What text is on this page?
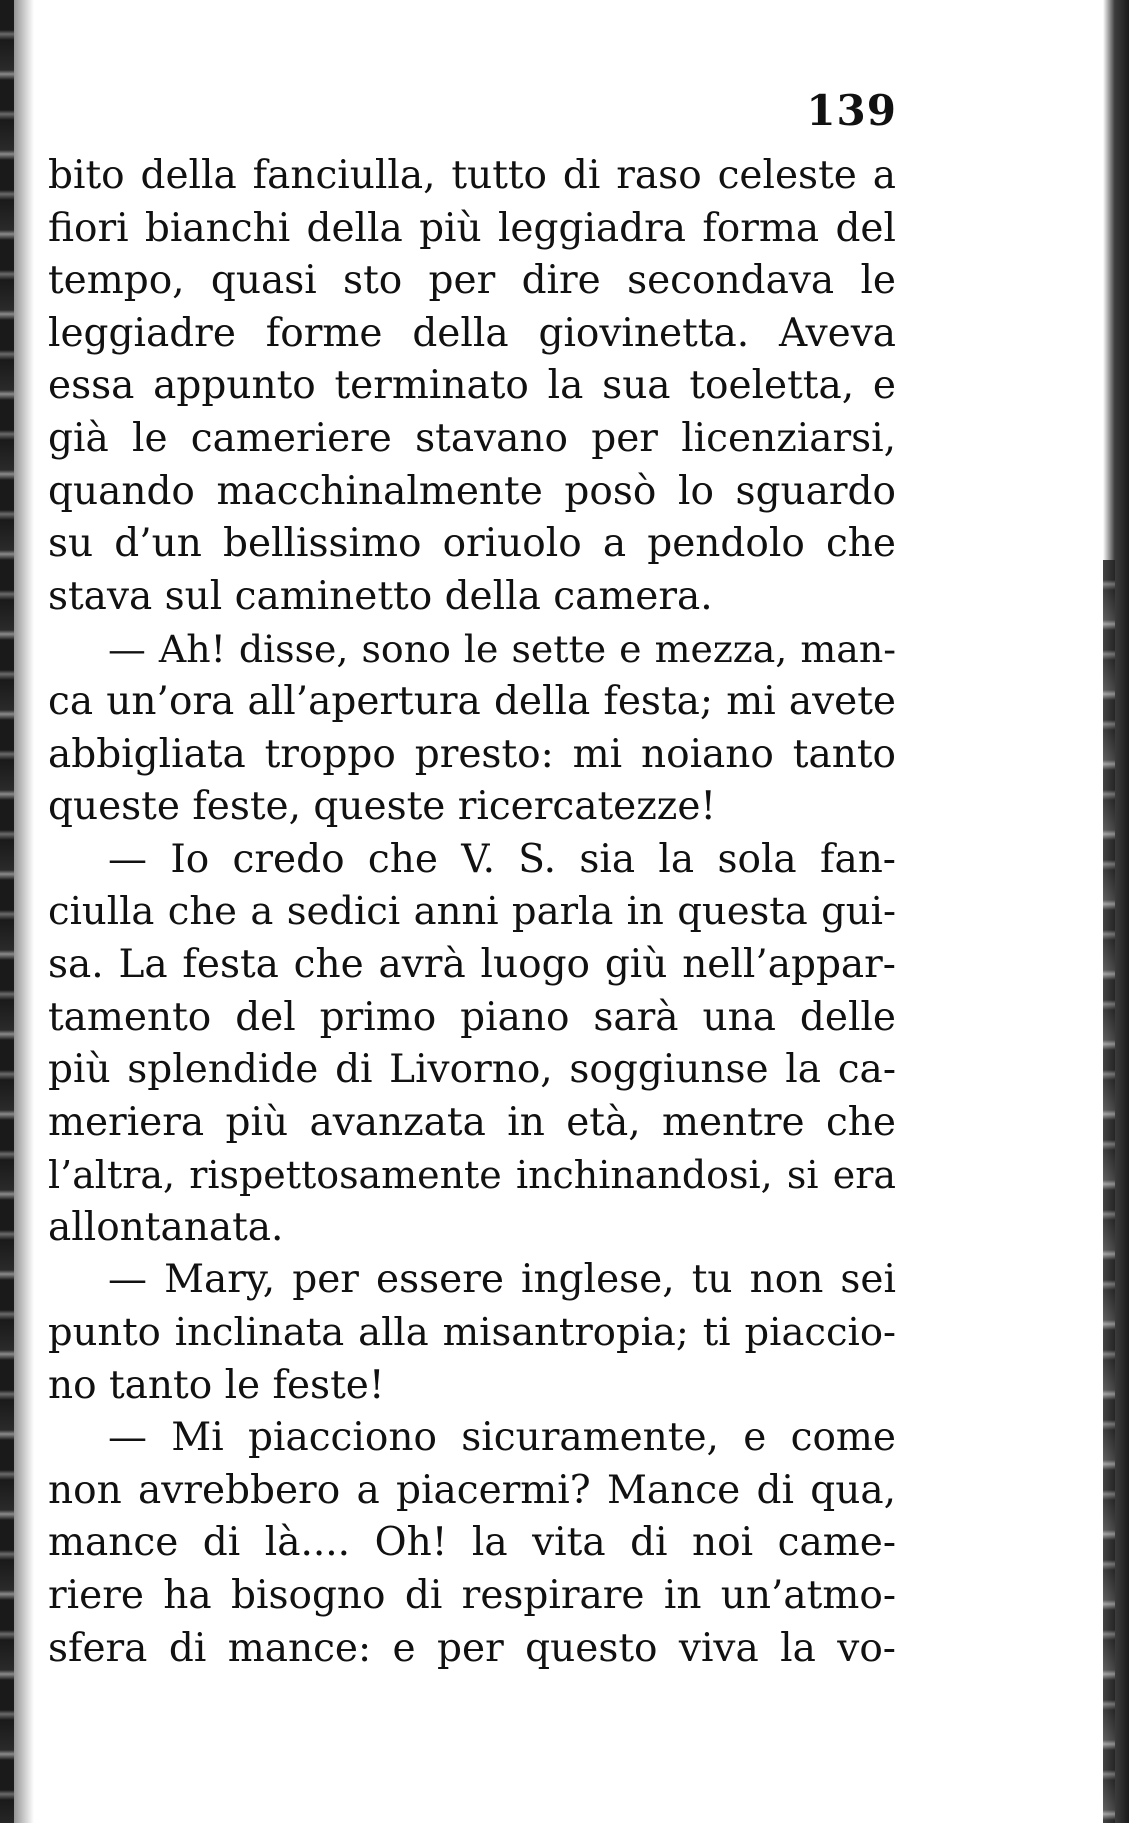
139
bito della fanciulla, tutto di raso celeste a
fiori bianchi della più leggiadra forma del
tempo, quasi sto per dire secondava le
leggiadre forme della giovinetta. Aveva
essa appunto terminato la sua toeletta, e
già le cameriere stavano per licenziarsi,
quando macchinalmente posò lo sguardo
su d’un bellissimo oriuolo a pendolo che
stava sul caminetto della camera.
— Ah! disse, sono le sette e mezza, man-
ca un’ora all’apertura della festa; mi avete
abbigliata troppo presto: mi noiano tanto
queste feste, queste ricercatezze!
— Io credo che V. S. sia la sola fan-
ciulla che a sedici anni parla in questa gui-
sa. La festa che avrà luogo giù nell’appar-
tamento del primo piano sarà una delle
più splendide di Livorno, soggiunse la ca-
meriera più avanzata in età, mentre che
l’altra, rispettosamente inchinandosi, si era
allontanata.
— Mary, per essere inglese, tu non sei
punto inclinata alla misantropia; ti piaccio-
no tanto le feste!
— Mi piacciono sicuramente, e come
non avrebbero a piacermi? Mance di qua,
mance di là.... Oh! la vita di noi came-
riere ha bisogno di respirare in un’atmo-
sfera di mance: e per questo viva la vo-
